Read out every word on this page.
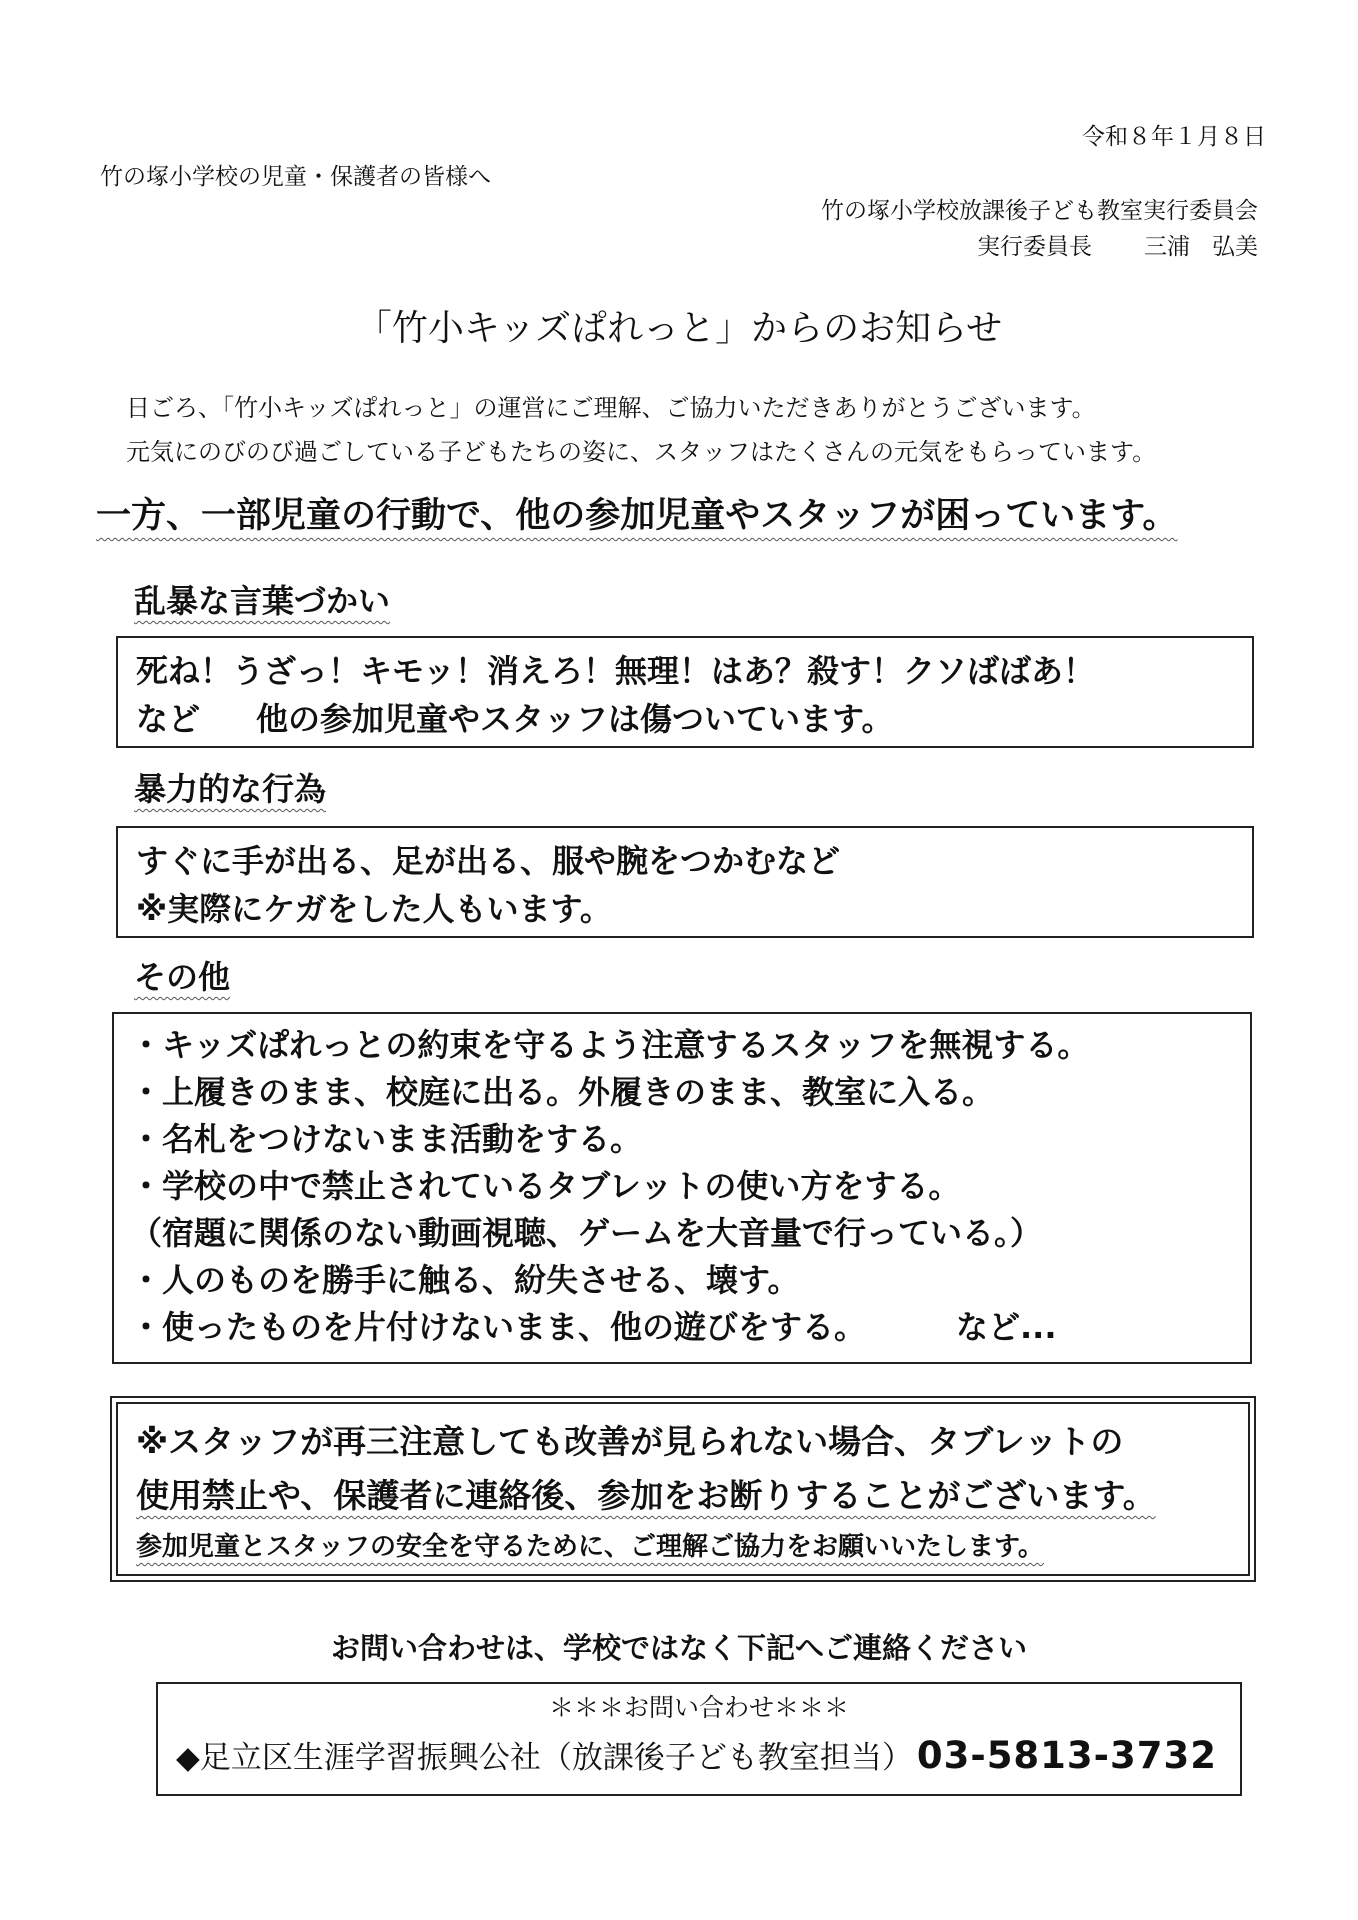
令和８年１月８日
竹の塚小学校の児童・保護者の皆様へ
竹の塚小学校放課後子ども教室実行委員会
実行委員長 三浦 弘美
「竹小キッズぱれっと」からのお知らせ
日ごろ、「竹小キッズぱれっと」の運営にご理解、ご協力いただきありがとうございます。
元気にのびのび過ごしている子どもたちの姿に、スタッフはたくさんの元気をもらっています。
一方、一部児童の行動で、他の参加児童やスタッフが困っています。
乱暴な言葉づかい
死ね！うざっ！キモッ！消えろ！無理！はあ？殺す！クソばばあ！
など 他の参加児童やスタッフは傷ついています。
暴力的な行為
すぐに手が出る、足が出る、服や腕をつかむなど
※実際にケガをした人もいます。
その他
・キッズぱれっとの約束を守るよう注意するスタッフを無視する。
・上履きのまま、校庭に出る。外履きのまま、教室に入る。
・名札をつけないまま活動をする。
・学校の中で禁止されているタブレットの使い方をする。
（宿題に関係のない動画視聴、ゲームを大音量で行っている。）
・人のものを勝手に触る、紛失させる、壊す。
・使ったものを片付けないまま、他の遊びをする。	など...
※スタッフが再三注意しても改善が見られない場合、タブレットの
使用禁止や、保護者に連絡後、参加をお断りすることがございます。
参加児童とスタッフの安全を守るために、ご理解ご協力をお願いいたします。
お問い合わせは、学校ではなく下記へご連絡ください
＊＊＊お問い合わせ＊＊＊
◆足立区生涯学習振興公社（放課後子ども教室担当） 03-5813-3732
